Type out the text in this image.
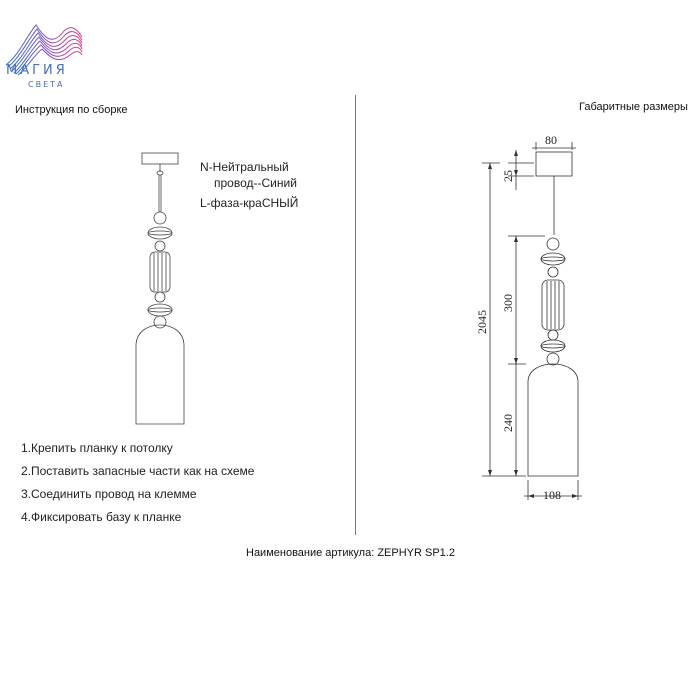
МАГИЯ
СВЕТА
Инструкция по сборке	Габаритные размеры
N-Нейтральный
провод--Синий
L-фаза-краСНЫЙ
1.Крепить планку к потолку
2.Поставить запасные части как на схеме
3.Соединить провод на клемме
4.Фиксировать базу к планке
80
25
2045
300
240
108
Наименование артикула: ZEPHYR SP1.2
